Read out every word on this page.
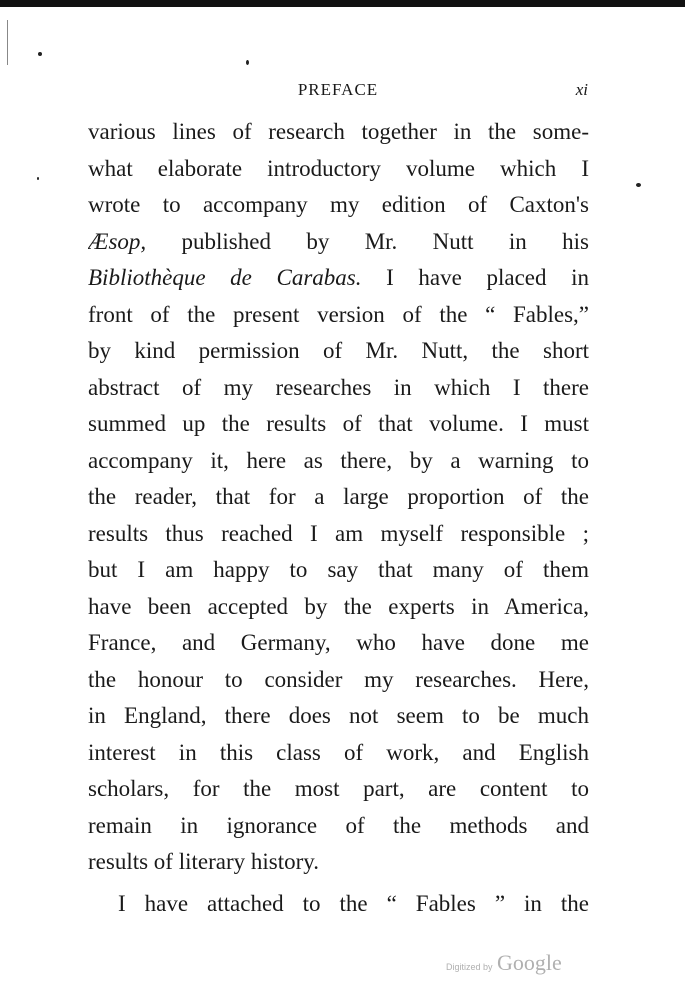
PREFACE	xi
various lines of research together in the some-
what elaborate introductory volume which I
wrote to accompany my edition of Caxton's
Æsop, published by Mr. Nutt in his
Bibliothèque de Carabas. I have placed in
front of the present version of the “ Fables,”
by kind permission of Mr. Nutt, the short
abstract of my researches in which I there
summed up the results of that volume. I must
accompany it, here as there, by a warning to
the reader, that for a large proportion of the
results thus reached I am myself responsible ;
but I am happy to say that many of them
have been accepted by the experts in America,
France, and Germany, who have done me
the honour to consider my researches. Here,
in England, there does not seem to be much
interest in this class of work, and English
scholars, for the most part, are content to
remain in ignorance of the methods and
results of literary history.
I have attached to the “ Fables ” in the
Digitized by Google
